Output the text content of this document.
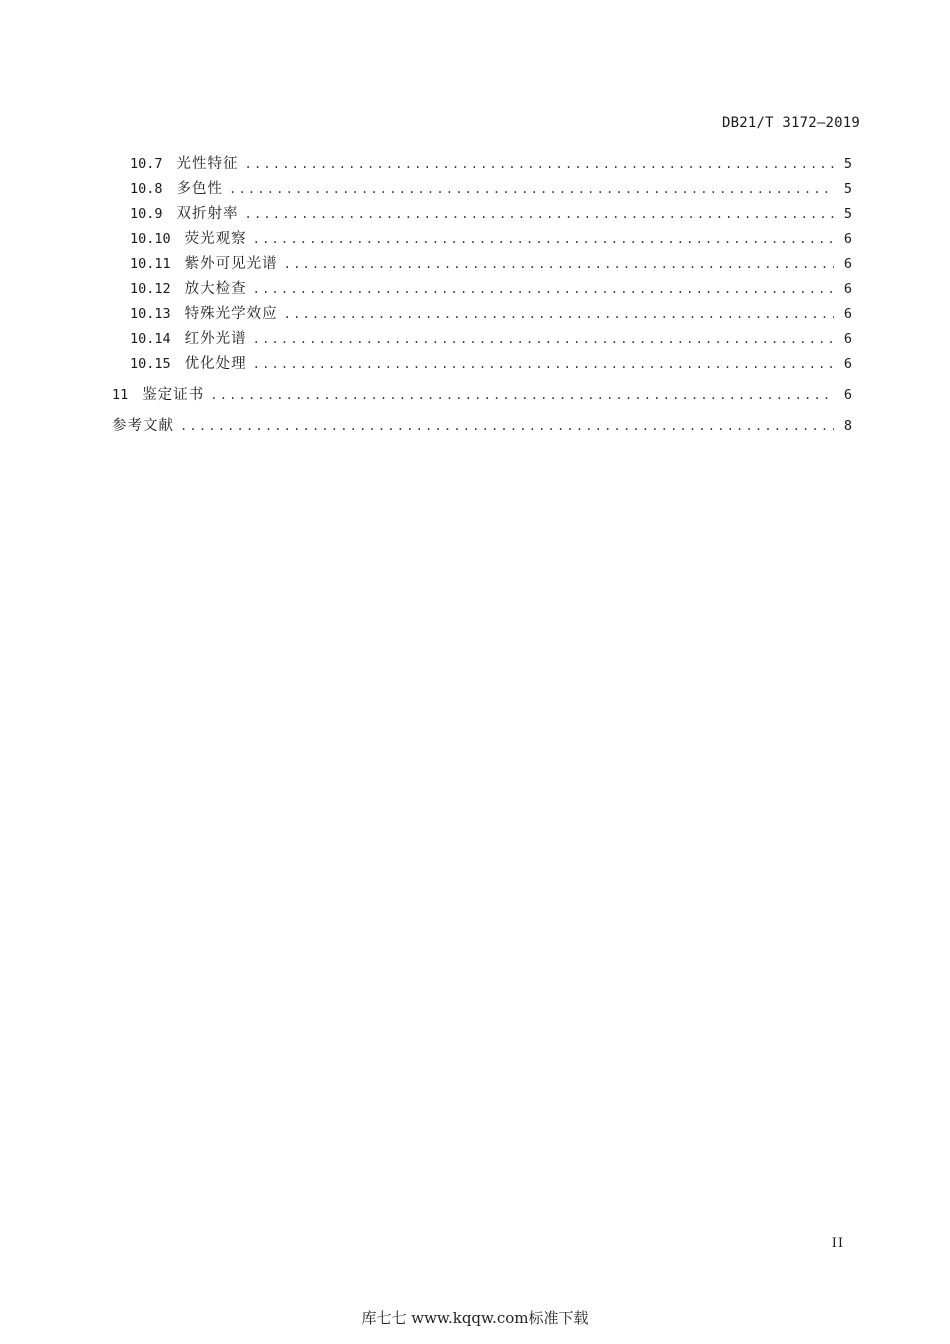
DB21/T 3172—2019
10.7 光性特征 .....	5
10.8 多色性 .....	5
10.9 双折射率 .....	5
10.10 荧光观察 .....	6
10.11 紫外可见光谱 .....	6
10.12 放大检查 .....	6
10.13 特殊光学效应 .....	6
10.14 红外光谱 .....	6
10.15 优化处理 .....	6
11 鉴定证书 .....	6
参考文献 .....	8
II
库七七 www.kqqw.com标准下载
